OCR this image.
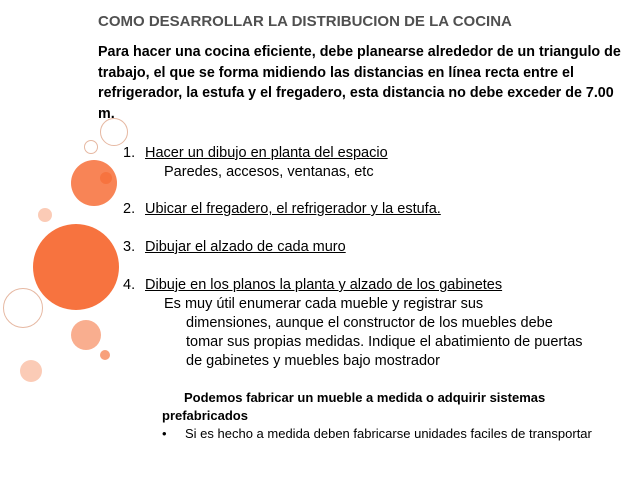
COMO DESARROLLAR LA DISTRIBUCION DE LA COCINA
Para hacer una cocina eficiente, debe planearse alrededor de un triangulo de trabajo, el que se forma midiendo las distancias en línea recta entre el refrigerador, la estufa y el fregadero, esta distancia no debe exceder de 7.00 m.
1. Hacer un dibujo en planta del espacio
Paredes, accesos, ventanas, etc
2. Ubicar el fregadero, el refrigerador y la estufa.
3. Dibujar el alzado de cada muro
4. Dibuje en los planos la planta y alzado de los gabinetes
Es muy útil enumerar cada mueble y registrar sus
dimensiones, aunque el constructor de los muebles debe
tomar sus propias medidas. Indique el abatimiento de puertas
de gabinetes y muebles bajo mostrador
Podemos fabricar un mueble a medida o adquirir sistemas prefabricados
• Si es hecho a medida deben fabricarse unidades faciles de transportar
